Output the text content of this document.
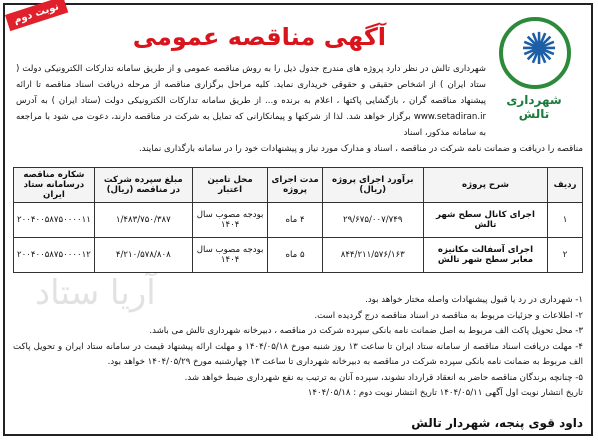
آریا ستاد
نوبت دوم
آگهی مناقصه عمومی	✺
شهرداری تالش
شهرداری تالش در نظر دارد پروژه های مندرج جدول ذیل را به روش مناقصه عمومی و از طریق سامانه تدارکات الکترونیکی دولت ( ستاد ایران ) از اشخاص حقیقی و حقوقی خریداری نماید. کلیه مراحل برگزاری مناقصه از مرحله دریافت اسناد مناقصه تا ارائه پیشنهاد مناقصه گران ، بازگشایی پاکتها ، اعلام به برنده و... از طریق سامانه تدارکات الکترونیکی دولت (ستاد ایران ) به آدرس www.setadiran.ir برگزار خواهد شد. لذا از شرکتها و پیمانکارانی که تمایل به شرکت در مناقصه دارند، دعوت می شود با مراجعه به سامانه مذکور، اسناد
مناقصه را دریافت و ضمانت نامه شرکت در مناقصه ، اسناد و مدارک مورد نیاز و پیشنهادات خود را در سامانه بارگذاری نمایند.
ردیف	شرح پروژه	برآورد اجرای پروژه (ریال)	مدت اجرای پروژه	محل تامین اعتبار	مبلغ سپرده شرکت در مناقصه (ریال)	شکاره مناقصه درسامانه ستاد ایران
۱	اجرای کانال سطح شهر تالش	۲۹/۶۷۵/۰۰۷/۷۴۹	۴ ماه	بودجه مصوب سال ۱۴۰۴	۱/۴۸۳/۷۵۰/۳۸۷	۲۰۰۴۰۰۵۸۷۵۰۰۰۰۱۱
۲	اجرای آسفالت مکانیزه معابر سطح شهر تالش	۸۴۴/۲۱۱/۵۷۶/۱۶۳	۵ ماه	بودجه مصوب سال ۱۴۰۴	۴/۲۱۰/۵۷۸/۸۰۸	۲۰۰۴۰۰۵۸۷۵۰۰۰۰۱۲
۱- شهرداری در رد یا قبول پیشنهادات واصله مختار خواهد بود.
۲- اطلاعات و جزئیات مربوط به مناقصه در اسناد مناقصه درج گردیده است.
۳- محل تحویل پاکت الف مربوط به اصل ضمانت نامه بانکی سپرده شرکت در مناقصه ، دبیرخانه شهرداری تالش می باشد.
۴- مهلت دریافت اسناد مناقصه از سامانه ستاد ایران تا ساعت ۱۳ روز شنبه مورخ ۱۴۰۴/۰۵/۱۸ و مهلت ارائه پیشنهاد قیمت در سامانه ستاد ایران و تحویل پاکت الف مربوط به ضمانت نامه بانکی سپرده شرکت در مناقصه به دبیرخانه شهرداری تا ساعت ۱۳ چهارشنبه مورخ ۱۴۰۴/۰۵/۲۹ خواهد بود.
۵- چنانچه برندگان مناقصه حاضر به انعقاد قرارداد نشوند، سپرده آنان به ترتیب به نفع شهرداری ضبط خواهد شد.
تاریخ انتشار نوبت اول آگهی ۱۴۰۴/۰۵/۱۱ تاریخ انتشار نوبت دوم : ۱۴۰۴/۰۵/۱۸
داود قوی پنجه، شهردار تالش
